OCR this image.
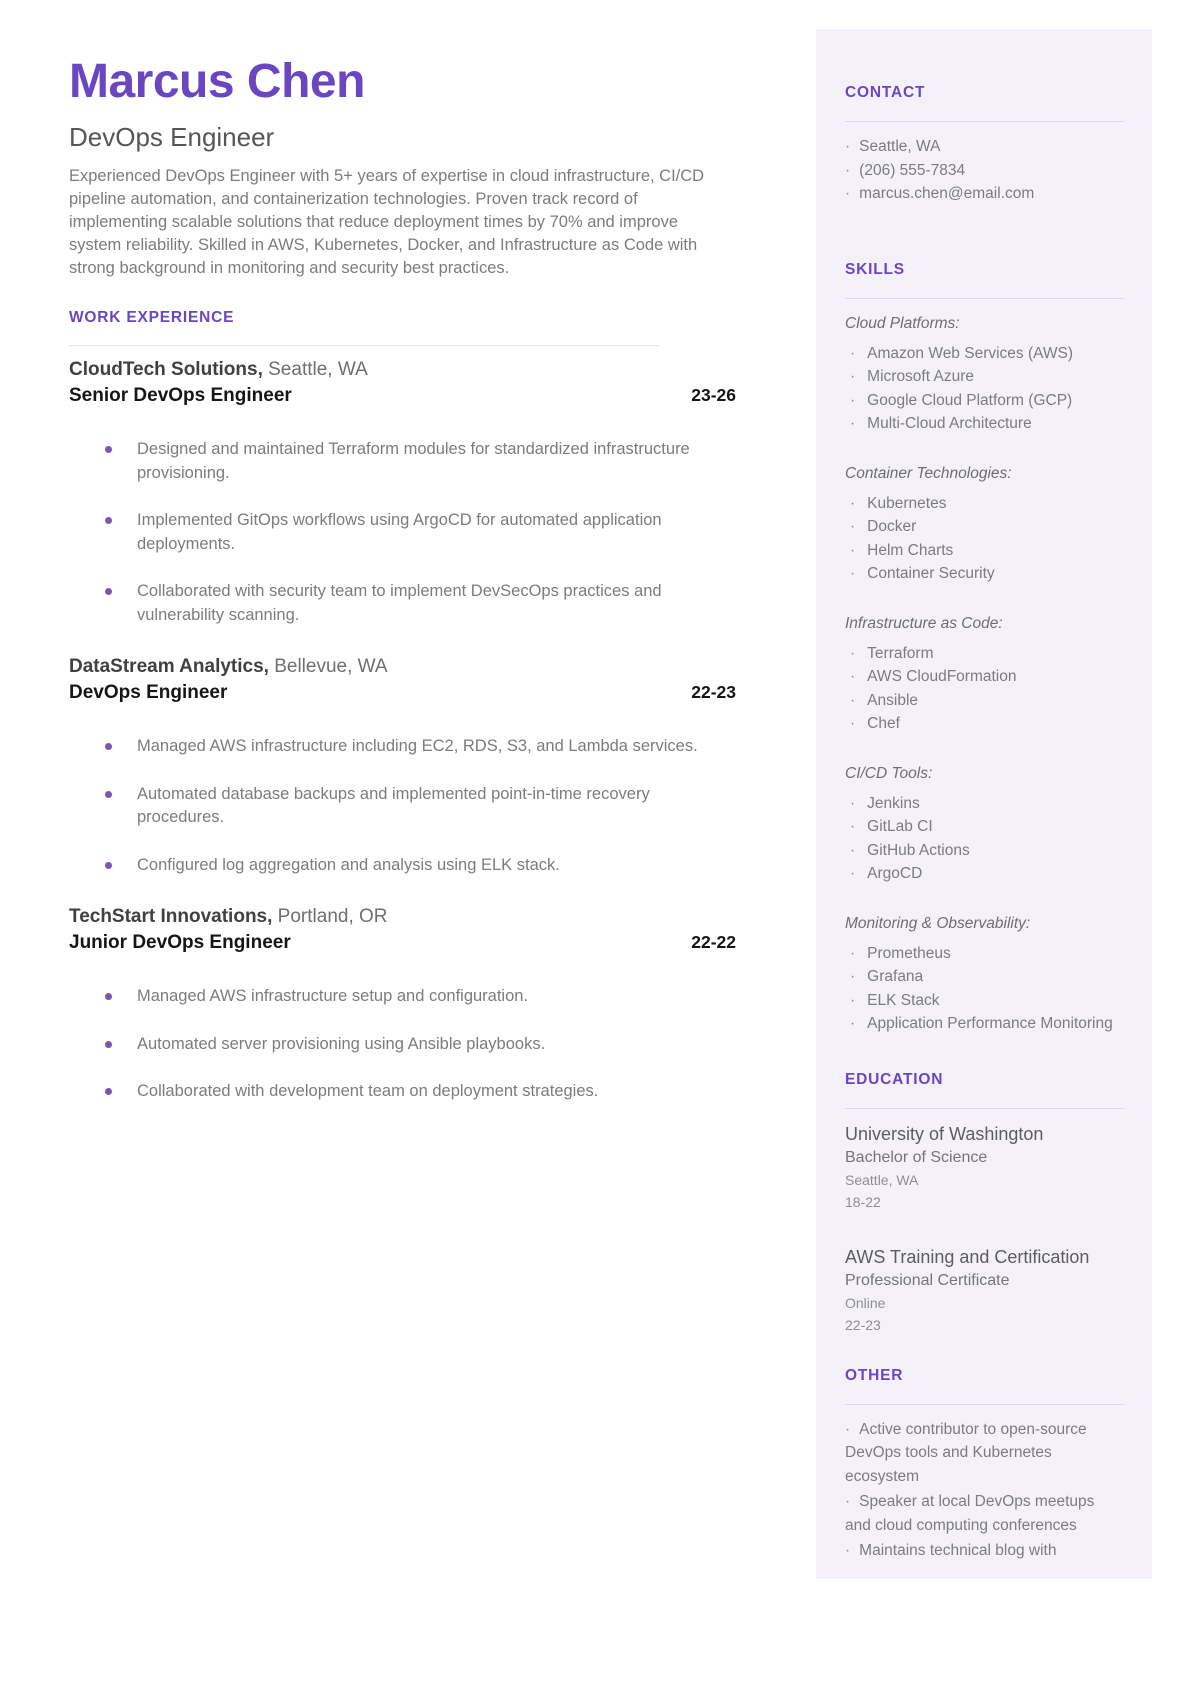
Marcus Chen
DevOps Engineer
Experienced DevOps Engineer with 5+ years of expertise in cloud infrastructure, CI/CD pipeline automation, and containerization technologies. Proven track record of implementing scalable solutions that reduce deployment times by 70% and improve system reliability. Skilled in AWS, Kubernetes, Docker, and Infrastructure as Code with strong background in monitoring and security best practices.
WORK EXPERIENCE
CloudTech Solutions, Seattle, WA
Senior DevOps Engineer	23-26
Designed and maintained Terraform modules for standardized infrastructure provisioning.
Implemented GitOps workflows using ArgoCD for automated application deployments.
Collaborated with security team to implement DevSecOps practices and vulnerability scanning.
DataStream Analytics, Bellevue, WA
DevOps Engineer	22-23
Managed AWS infrastructure including EC2, RDS, S3, and Lambda services.
Automated database backups and implemented point-in-time recovery procedures.
Configured log aggregation and analysis using ELK stack.
TechStart Innovations, Portland, OR
Junior DevOps Engineer	22-22
Managed AWS infrastructure setup and configuration.
Automated server provisioning using Ansible playbooks.
Collaborated with development team on deployment strategies.
CONTACT
· Seattle, WA
· (206) 555-7834
· marcus.chen@email.com
SKILLS
Cloud Platforms:
· Amazon Web Services (AWS)
· Microsoft Azure
· Google Cloud Platform (GCP)
· Multi-Cloud Architecture
Container Technologies:
· Kubernetes
· Docker
· Helm Charts
· Container Security
Infrastructure as Code:
· Terraform
· AWS CloudFormation
· Ansible
· Chef
CI/CD Tools:
· Jenkins
· GitLab CI
· GitHub Actions
· ArgoCD
Monitoring & Observability:
· Prometheus
· Grafana
· ELK Stack
· Application Performance Monitoring
EDUCATION
University of Washington
Bachelor of Science
Seattle, WA
18-22
AWS Training and Certification
Professional Certificate
Online
22-23
OTHER
· Active contributor to open-source DevOps tools and Kubernetes ecosystem
· Speaker at local DevOps meetups and cloud computing conferences
· Maintains technical blog with
